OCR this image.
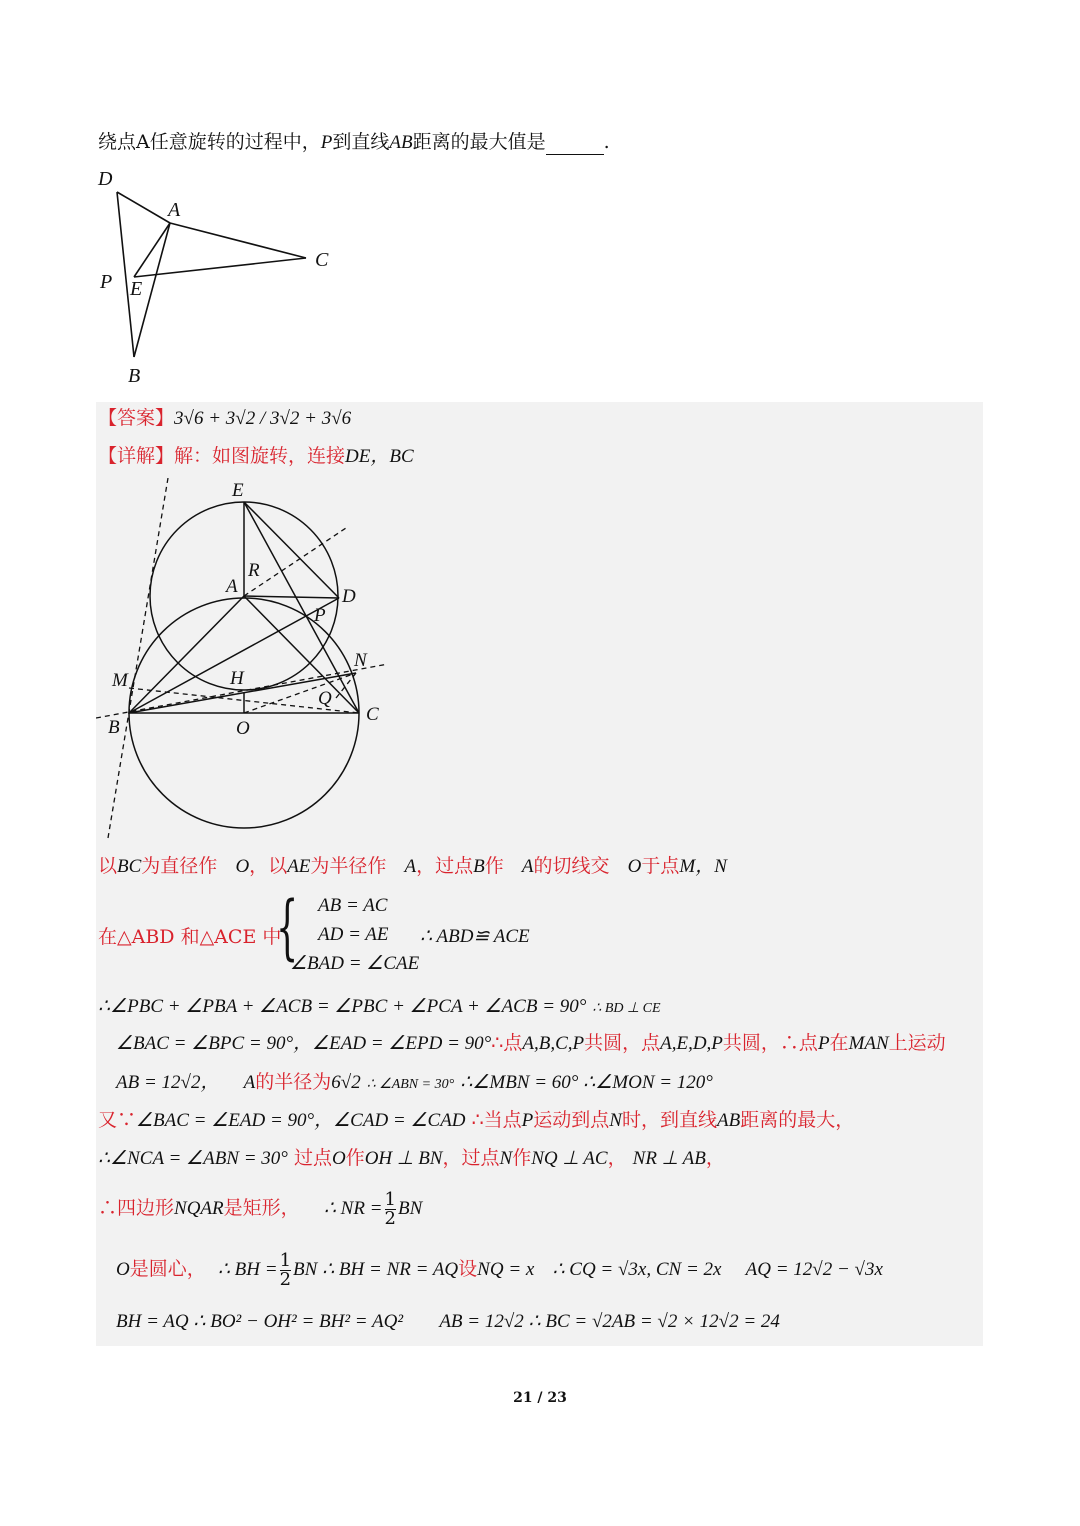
绕点A任意旋转的过程中，P到直线AB距离的最大值是	.
D
A
C
P E
B
【答案】3√6 + 3√2 / 3√2 + 3√6
【详解】解：如图旋转，连接DE，BC
E
R
A	D
P
N
M	H
Q
B	O
C
以BC为直径作 O，以AE为半径作 A，过点B作 A的切线交 O于点M，N
在△ABD 和△ACE 中
{ AB = AC
AD = AE
∠BAD = ∠CAE
∴ ABD≌ ACE
∴∠PBC + ∠PBA + ∠ACB = ∠PBC + ∠PCA + ∠ACB = 90° ∴ BD ⊥ CE
∠BAC = ∠BPC = 90°，∠EAD = ∠EPD = 90°∴点A,B,C,P共圆，点A,E,D,P共圆，∴点P在MAN上运动
AB = 12√2， A的半径为6√2 ∴ ∠ABN = 30° ∴∠MBN = 60° ∴∠MON = 120°
又∵∠BAC = ∠EAD = 90°，∠CAD = ∠CAD ∴当点P运动到点N时，到直线AB距离的最大，
∴∠NCA = ∠ABN = 30° 过点O作OH ⊥ BN，过点N作NQ ⊥ AC， NR ⊥ AB，
∴四边形NQAR是矩形， ∴ NR = $\frac{1}{2}$ BN
O是圆心， ∴ BH = $\frac{1}{2}$ BN ∴ BH = NR = AQ设NQ = x ∴ CQ = √3x, CN = 2x AQ = 12√2 − √3x
BH = AQ ∴ BO² − OH² = BH² = AQ² AB = 12√2 ∴ BC = √2AB = √2 × 12√2 = 24
21 / 23
